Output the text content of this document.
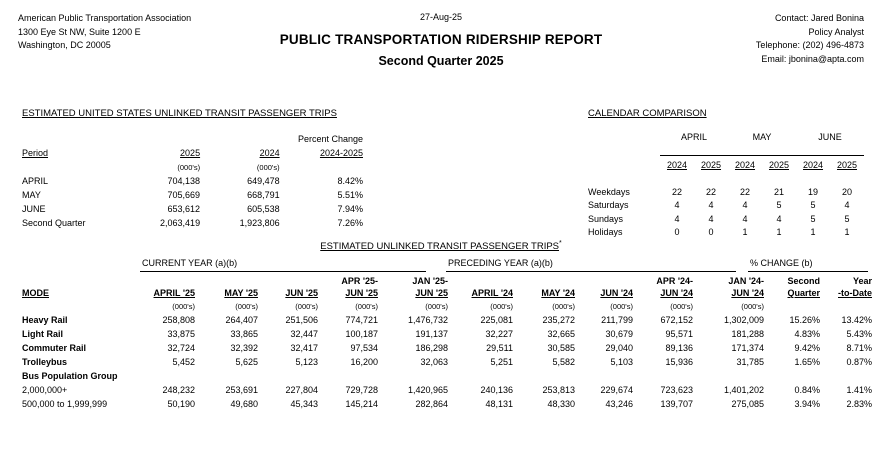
American Public Transportation Association
1300 Eye St NW, Suite 1200 E
Washington, DC 20005
27-Aug-25	Contact: Jared Bonina
Policy Analyst
Telephone: (202) 496-4873
Email: jbonina@apta.com
PUBLIC TRANSPORTATION RIDERSHIP REPORT
Second Quarter 2025
ESTIMATED UNITED STATES UNLINKED TRANSIT PASSENGER TRIPS
			Percent Change
Period	2025	2024	2024-2025
	(000's)	(000's)	
APRIL	704,138	649,478	8.42%
MAY	705,669	668,791	5.51%
JUNE	653,612	605,538	7.94%
Second Quarter	2,063,419	1,923,806	7.26%
CALENDAR COMPARISON
	APRIL		MAY		JUNE	

	2024	2025		2024	2025		2024	2025

Weekdays	22	22		22	21		19	20
Saturdays	4	4		4	5		5	4
Sundays	4	4		4	4		5	5
Holidays	0	0		1	1		1	1
ESTIMATED UNLINKED TRANSIT PASSENGER TRIPS*
CURRENT YEAR (a)(b)	PRECEDING YEAR (a)(b)	% CHANGE (b)
				APR '25-	JAN '25-				APR '24-	JAN '24-	Second	Year
MODE	APRIL '25	MAY '25	JUN '25	JUN '25	JUN '25	APRIL '24	MAY '24	JUN '24	JUN '24	JUN '24	Quarter	-to-Date
	(000's)	(000's)	(000's)	(000's)	(000's)	(000's)	(000's)	(000's)	(000's)	(000's)		
Heavy Rail	258,808	264,407	251,506	774,721	1,476,732	225,081	235,272	211,799	672,152	1,302,009	15.26%	13.42%
Light Rail	33,875	33,865	32,447	100,187	191,137	32,227	32,665	30,679	95,571	181,288	4.83%	5.43%
Commuter Rail	32,724	32,392	32,417	97,534	186,298	29,511	30,585	29,040	89,136	171,374	9.42%	8.71%
Trolleybus	5,452	5,625	5,123	16,200	32,063	5,251	5,582	5,103	15,936	31,785	1.65%	0.87%
Bus Population Group												
2,000,000+	248,232	253,691	227,804	729,728	1,420,965	240,136	253,813	229,674	723,623	1,401,202	0.84%	1.41%
500,000 to 1,999,999	50,190	49,680	45,343	145,214	282,864	48,131	48,330	43,246	139,707	275,085	3.94%	2.83%
